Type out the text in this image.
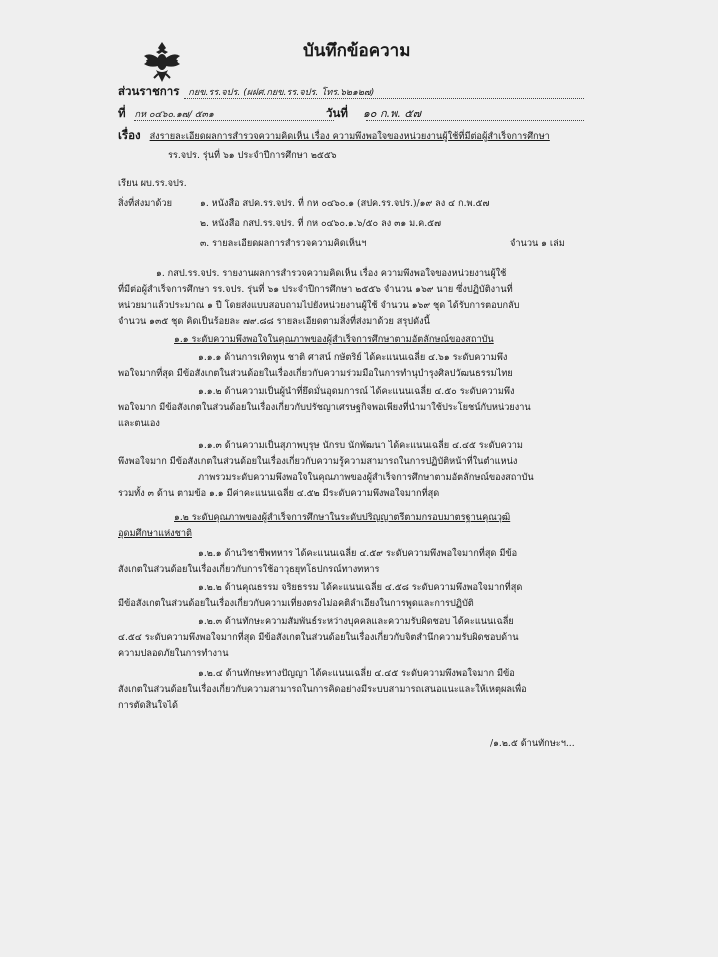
บันทึกข้อความ
ส่วนราชการ กยข.รร.จปร. (ผฝศ.กยข.รร.จปร. โทร.๖๒๑๒๗)
ที่ กห ๐๔๖๐.๑๗/ ๕๓๑	วันที่ ๑๐ ก.พ. ๕๗
เรื่อง ส่งรายละเอียดผลการสำรวจความคิดเห็น เรื่อง ความพึงพอใจของหน่วยงานผู้ใช้ที่มีต่อผู้สำเร็จการศึกษา
รร.จปร. รุ่นที่ ๖๑ ประจำปีการศึกษา ๒๕๕๖
เรียน ผบ.รร.จปร.
สิ่งที่ส่งมาด้วย	๑. หนังสือ สปค.รร.จปร. ที่ กห ๐๔๖๐.๑ (สปค.รร.จปร.)/๑๙ ลง ๔ ก.พ.๕๗
๒. หนังสือ กสป.รร.จปร. ที่ กห ๐๔๖๐.๑.๖/๕๐ ลง ๓๑ ม.ค.๕๗
๓. รายละเอียดผลการสำรวจความคิดเห็นฯ	จำนวน ๑ เล่ม
๑. กสป.รร.จปร. รายงานผลการสำรวจความคิดเห็น เรื่อง ความพึงพอใจของหน่วยงานผู้ใช้
ที่มีต่อผู้สำเร็จการศึกษา รร.จปร. รุ่นที่ ๖๑ ประจำปีการศึกษา ๒๕๕๖ จำนวน ๑๖๙ นาย ซึ่งปฏิบัติงานที่
หน่วยมาแล้วประมาณ ๑ ปี โดยส่งแบบสอบถามไปยังหน่วยงานผู้ใช้ จำนวน ๑๖๙ ชุด ได้รับการตอบกลับ
จำนวน ๑๓๕ ชุด คิดเป็นร้อยละ ๗๙.๘๘ รายละเอียดตามสิ่งที่ส่งมาด้วย สรุปดังนี้
๑.๑ ระดับความพึงพอใจในคุณภาพของผู้สำเร็จการศึกษาตามอัตลักษณ์ของสถาบัน
๑.๑.๑ ด้านการเทิดทูน ชาติ ศาสน์ กษัตริย์ ได้คะแนนเฉลี่ย ๔.๖๑ ระดับความพึง
พอใจมากที่สุด มีข้อสังเกตในส่วนด้อยในเรื่องเกี่ยวกับความร่วมมือในการทำนุบำรุงศิลปวัฒนธรรมไทย
๑.๑.๒ ด้านความเป็นผู้นำที่ยึดมั่นอุดมการณ์ ได้คะแนนเฉลี่ย ๔.๕๐ ระดับความพึง
พอใจมาก มีข้อสังเกตในส่วนด้อยในเรื่องเกี่ยวกับปรัชญาเศรษฐกิจพอเพียงที่นำมาใช้ประโยชน์กับหน่วยงาน
และตนเอง
๑.๑.๓ ด้านความเป็นสุภาพบุรุษ นักรบ นักพัฒนา ได้คะแนนเฉลี่ย ๔.๔๕ ระดับความ
พึงพอใจมาก มีข้อสังเกตในส่วนด้อยในเรื่องเกี่ยวกับความรู้ความสามารถในการปฏิบัติหน้าที่ในตำแหน่ง
ภาพรวมระดับความพึงพอใจในคุณภาพของผู้สำเร็จการศึกษาตามอัตลักษณ์ของสถาบัน
รวมทั้ง ๓ ด้าน ตามข้อ ๑.๑ มีค่าคะแนนเฉลี่ย ๔.๕๒ มีระดับความพึงพอใจมากที่สุด
๑.๒ ระดับคุณภาพของผู้สำเร็จการศึกษาในระดับปริญญาตรีตามกรอบมาตรฐานคุณวุฒิ
อุดมศึกษาแห่งชาติ
๑.๒.๑ ด้านวิชาชีพทหาร ได้คะแนนเฉลี่ย ๔.๕๙ ระดับความพึงพอใจมากที่สุด มีข้อ
สังเกตในส่วนด้อยในเรื่องเกี่ยวกับการใช้อาวุธยุทโธปกรณ์ทางทหาร
๑.๒.๒ ด้านคุณธรรม จริยธรรม ได้คะแนนเฉลี่ย ๔.๕๘ ระดับความพึงพอใจมากที่สุด
มีข้อสังเกตในส่วนด้อยในเรื่องเกี่ยวกับความเที่ยงตรงไม่อคติลำเอียงในการพูดและการปฏิบัติ
๑.๒.๓ ด้านทักษะความสัมพันธ์ระหว่างบุคคลและความรับผิดชอบ ได้คะแนนเฉลี่ย
๔.๕๔ ระดับความพึงพอใจมากที่สุด มีข้อสังเกตในส่วนด้อยในเรื่องเกี่ยวกับจิตสำนึกความรับผิดชอบด้าน
ความปลอดภัยในการทำงาน
๑.๒.๔ ด้านทักษะทางปัญญา ได้คะแนนเฉลี่ย ๔.๔๕ ระดับความพึงพอใจมาก มีข้อ
สังเกตในส่วนด้อยในเรื่องเกี่ยวกับความสามารถในการคิดอย่างมีระบบสามารถเสนอแนะและให้เหตุผลเพื่อ
การตัดสินใจได้
/๑.๒.๕ ด้านทักษะฯ...
